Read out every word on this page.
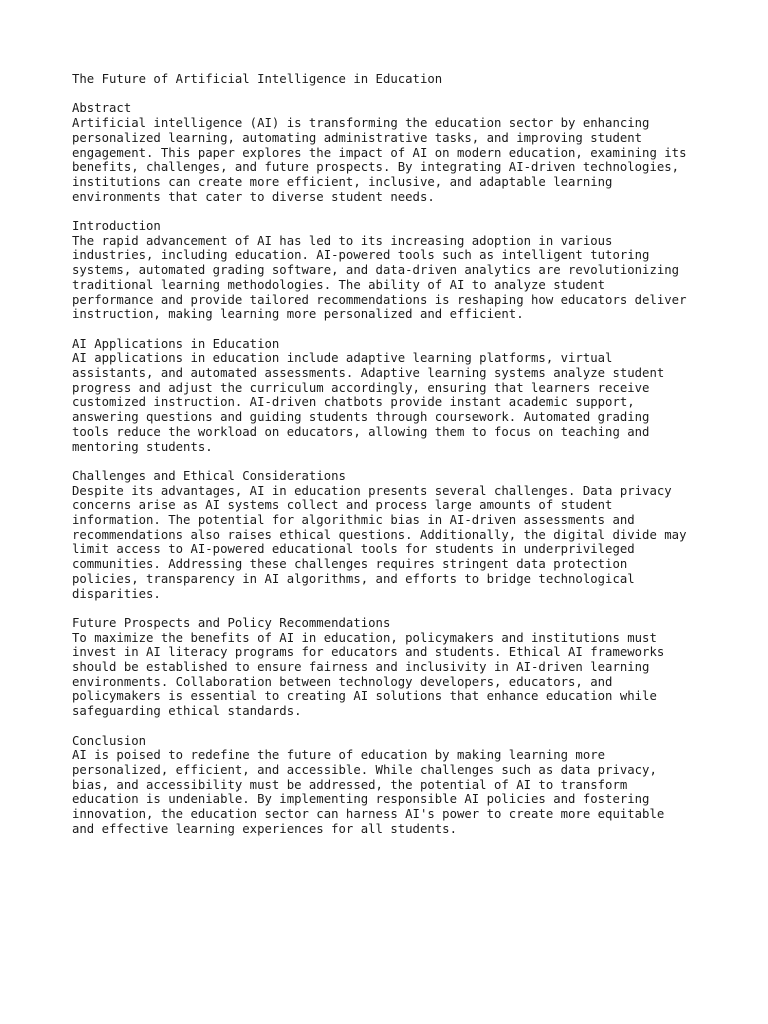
The Future of Artificial Intelligence in Education
Abstract

Artificial intelligence (AI) is transforming the education sector by enhancing
personalized learning, automating administrative tasks, and improving student
engagement. This paper explores the impact of AI on modern education, examining its
benefits, challenges, and future prospects. By integrating AI-driven technologies,
institutions can create more efficient, inclusive, and adaptable learning
environments that cater to diverse student needs.

Introduction

The rapid advancement of AI has led to its increasing adoption in various
industries, including education. AI-powered tools such as intelligent tutoring
systems, automated grading software, and data-driven analytics are revolutionizing
traditional learning methodologies. The ability of AI to analyze student
performance and provide tailored recommendations is reshaping how educators deliver
instruction, making learning more personalized and efficient.

AI Applications in Education

AI applications in education include adaptive learning platforms, virtual
assistants, and automated assessments. Adaptive learning systems analyze student
progress and adjust the curriculum accordingly, ensuring that learners receive
customized instruction. AI-driven chatbots provide instant academic support,
answering questions and guiding students through coursework. Automated grading
tools reduce the workload on educators, allowing them to focus on teaching and
mentoring students.

Challenges and Ethical Considerations

Despite its advantages, AI in education presents several challenges. Data privacy
concerns arise as AI systems collect and process large amounts of student
information. The potential for algorithmic bias in AI-driven assessments and
recommendations also raises ethical questions. Additionally, the digital divide may
limit access to AI-powered educational tools for students in underprivileged
communities. Addressing these challenges requires stringent data protection
policies, transparency in AI algorithms, and efforts to bridge technological
disparities.

Future Prospects and Policy Recommendations

To maximize the benefits of AI in education, policymakers and institutions must
invest in AI literacy programs for educators and students. Ethical AI frameworks
should be established to ensure fairness and inclusivity in AI-driven learning
environments. Collaboration between technology developers, educators, and
policymakers is essential to creating AI solutions that enhance education while
safeguarding ethical standards.

Conclusion

AI is poised to redefine the future of education by making learning more
personalized, efficient, and accessible. While challenges such as data privacy,
bias, and accessibility must be addressed, the potential of AI to transform
education is undeniable. By implementing responsible AI policies and fostering
innovation, the education sector can harness AI's power to create more equitable
and effective learning experiences for all students.
